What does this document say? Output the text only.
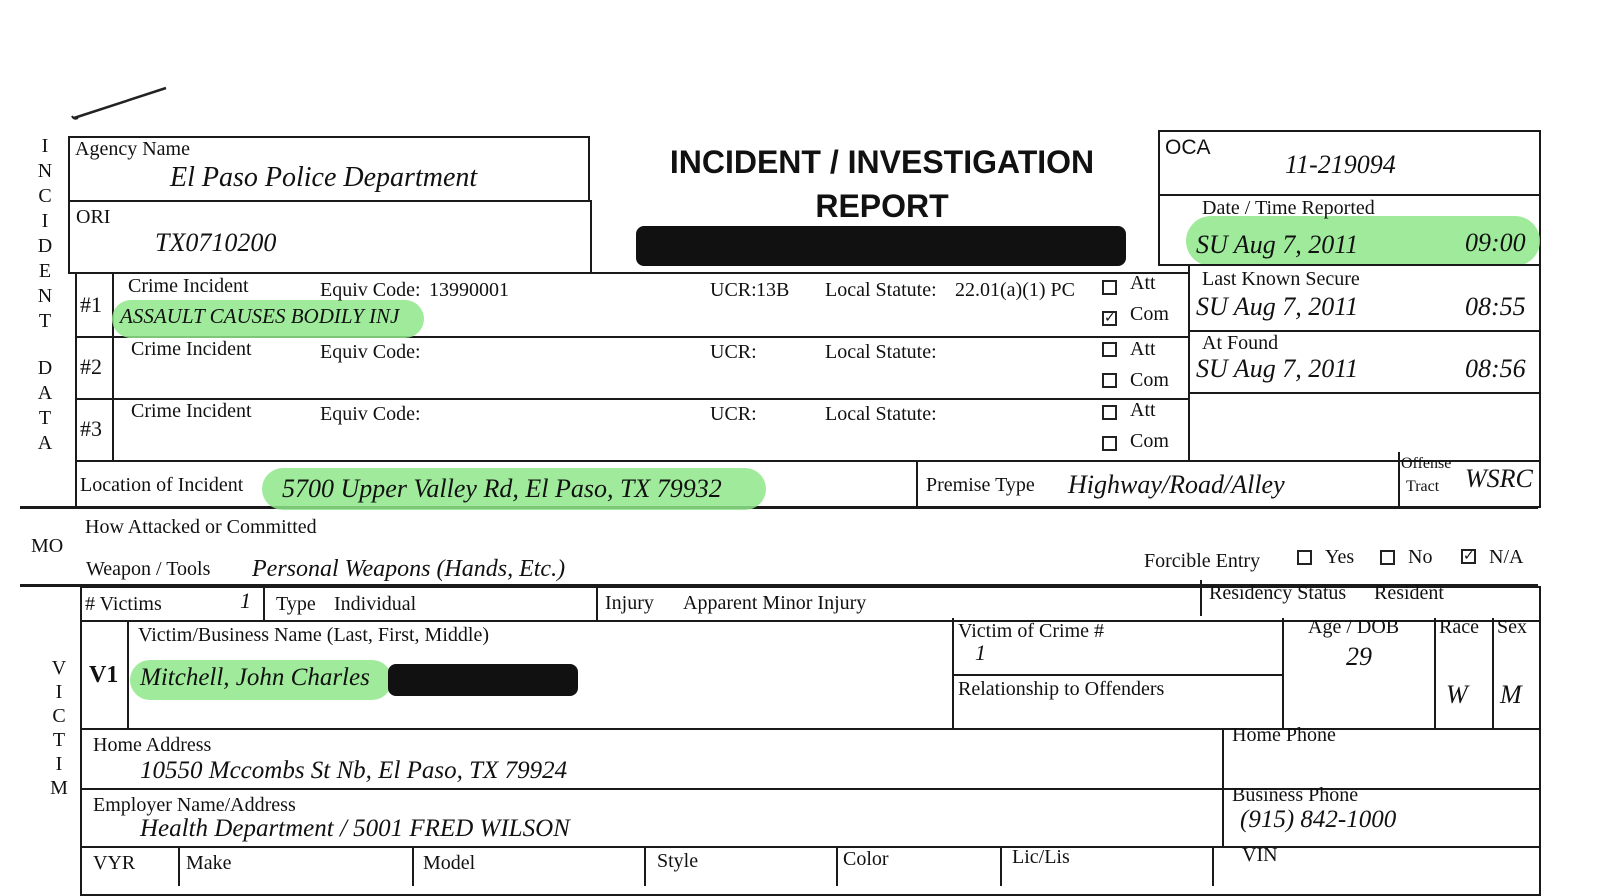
I
N
C
I
D
E
N
T
D
A
T
A
MO
V
I
C
T
I
M
Agency Name
El Paso Police Department
ORI
TX0710200
INCIDENT / INVESTIGATION
REPORT
OCA
11-219094
Date / Time Reported
SU Aug 7, 2011	09:00
Last Known Secure
SU Aug 7, 2011	08:55
At Found
SU Aug 7, 2011	08:56
#1
Crime Incident
ASSAULT CAUSES BODILY INJ
Equiv Code: 13990001	UCR: 13B Local Statute: 22.01(a)(1) PC	Att
✓ Com
#2
Crime Incident	Equiv Code:	UCR:	Local Statute:	Att
Com
#3
Crime Incident	Equiv Code:	UCR:	Local Statute:	Att
Com
Location of Incident 5700 Upper Valley Rd, El Paso, TX 79932	Premise Type Highway/Road/Alley
Offense
Tract WSRC
How Attacked or Committed
Weapon / Tools Personal Weapons (Hands, Etc.)	Forcible Entry	Yes	No ✓ N/A
# Victims	1 Type Individual	Injury Apparent Minor Injury	Residency Status Resident
V1
Victim/Business Name (Last, First, Middle)
Mitchell, John Charles
Victim of Crime #
1
Relationship to Offenders
Age / DOB
29
Race
W
Sex
M
Home Address
10550 Mccombs St Nb, El Paso, TX 79924
Home Phone
Employer Name/Address
Health Department / 5001 FRED WILSON
Business Phone
(915) 842-1000
VYR	Make	Model	Style	Color	Lic/Lis	VIN
